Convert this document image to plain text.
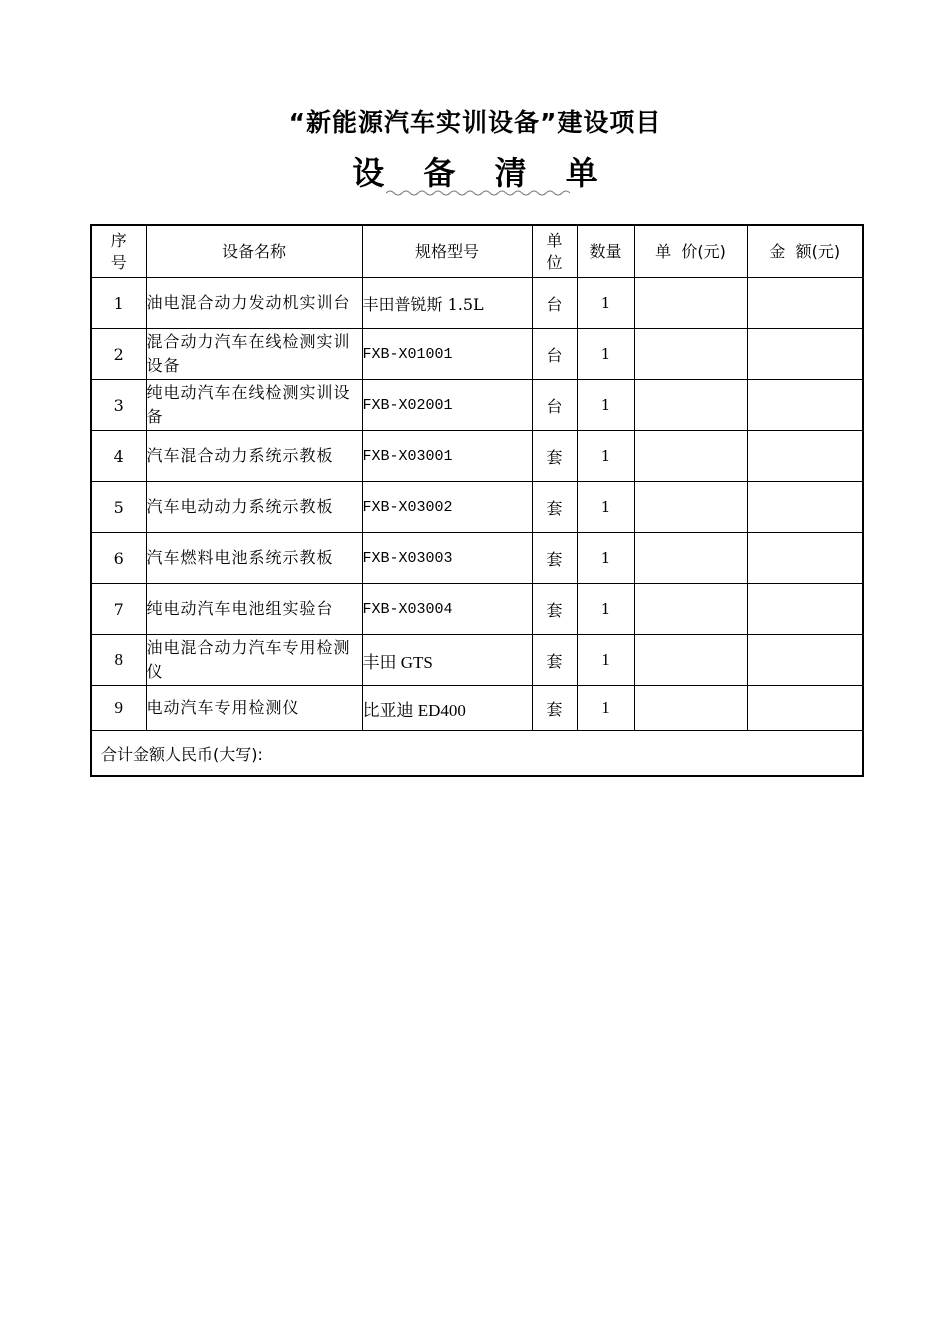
“新能源汽车实训设备”建设项目
设 备 清 单
序号	设备名称	规格型号	单位	数量	单  价(元)	金  额(元)
1	油电混合动力发动机实训台	丰田普锐斯 1.5L	台	1		
2	混合动力汽车在线检测实训设备	FXB-X01001	台	1		
3	纯电动汽车在线检测实训设备	FXB-X02001	台	1		
4	汽车混合动力系统示教板	FXB-X03001	套	1		
5	汽车电动动力系统示教板	FXB-X03002	套	1		
6	汽车燃料电池系统示教板	FXB-X03003	套	1		
7	纯电动汽车电池组实验台	FXB-X03004	套	1		
8	油电混合动力汽车专用检测仪	丰田 GTS	套	1		
9	电动汽车专用检测仪	比亚迪 ED400	套	1		
合计金额人民币(大写):						
